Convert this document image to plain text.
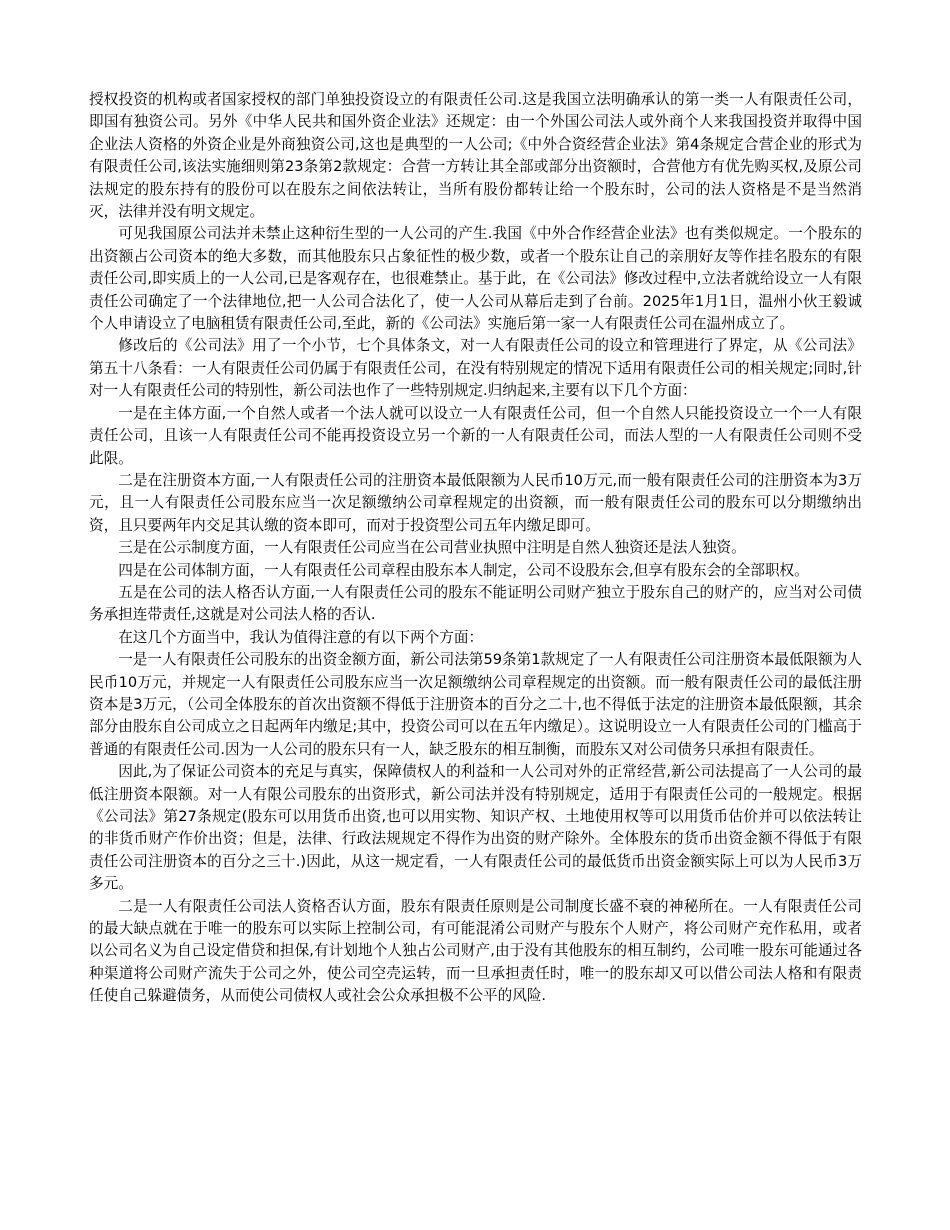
授权投资的机构或者国家授权的部门单独投资设立的有限责任公司.这是我国立法明确承认的第一类一人有限责任公司，即国有独资公司。另外《中华人民共和国外资企业法》还规定：由一个外国公司法人或外商个人来我国投资并取得中国企业法人资格的外资企业是外商独资公司,这也是典型的一人公司;《中外合资经营企业法》第4条规定合营企业的形式为有限责任公司,该法实施细则第23条第2款规定：合营一方转让其全部或部分出资额时，合营他方有优先购买权,及原公司法规定的股东持有的股份可以在股东之间依法转让，当所有股份都转让给一个股东时，公司的法人资格是不是当然消灭，法律并没有明文规定。

可见我国原公司法并未禁止这种衍生型的一人公司的产生.我国《中外合作经营企业法》也有类似规定。一个股东的出资额占公司资本的绝大多数，而其他股东只占象征性的极少数，或者一个股东让自己的亲朋好友等作挂名股东的有限责任公司,即实质上的一人公司,已是客观存在，也很难禁止。基于此，在《公司法》修改过程中,立法者就给设立一人有限责任公司确定了一个法律地位,把一人公司合法化了，使一人公司从幕后走到了台前。2025年1月1日，温州小伙王毅诚个人申请设立了电脑租赁有限责任公司,至此，新的《公司法》实施后第一家一人有限责任公司在温州成立了。

修改后的《公司法》用了一个小节，七个具体条文，对一人有限责任公司的设立和管理进行了界定，从《公司法》第五十八条看：一人有限责任公司仍属于有限责任公司，在没有特别规定的情况下适用有限责任公司的相关规定;同时,针对一人有限责任公司的特别性，新公司法也作了一些特别规定.归纳起来,主要有以下几个方面：

一是在主体方面,一个自然人或者一个法人就可以设立一人有限责任公司，但一个自然人只能投资设立一个一人有限责任公司，且该一人有限责任公司不能再投资设立另一个新的一人有限责任公司，而法人型的一人有限责任公司则不受此限。

二是在注册资本方面,一人有限责任公司的注册资本最低限额为人民币10万元,而一般有限责任公司的注册资本为3万元，且一人有限责任公司股东应当一次足额缴纳公司章程规定的出资额，而一般有限责任公司的股东可以分期缴纳出资，且只要两年内交足其认缴的资本即可，而对于投资型公司五年内缴足即可。

三是在公示制度方面，一人有限责任公司应当在公司营业执照中注明是自然人独资还是法人独资。

四是在公司体制方面，一人有限责任公司章程由股东本人制定，公司不设股东会,但享有股东会的全部职权。

五是在公司的法人格否认方面,一人有限责任公司的股东不能证明公司财产独立于股东自己的财产的，应当对公司债务承担连带责任,这就是对公司法人格的否认.

在这几个方面当中，我认为值得注意的有以下两个方面：

一是一人有限责任公司股东的出资金额方面，新公司法第59条第1款规定了一人有限责任公司注册资本最低限额为人民币10万元，并规定一人有限责任公司股东应当一次足额缴纳公司章程规定的出资额。而一般有限责任公司的最低注册资本是3万元，（公司全体股东的首次出资额不得低于注册资本的百分之二十,也不得低于法定的注册资本最低限额，其余部分由股东自公司成立之日起两年内缴足;其中，投资公司可以在五年内缴足）。这说明设立一人有限责任公司的门槛高于普通的有限责任公司.因为一人公司的股东只有一人，缺乏股东的相互制衡，而股东又对公司债务只承担有限责任。

因此,为了保证公司资本的充足与真实，保障债权人的利益和一人公司对外的正常经营,新公司法提高了一人公司的最低注册资本限额。对一人有限公司股东的出资形式，新公司法并没有特别规定，适用于有限责任公司的一般规定。根据《公司法》第27条规定(股东可以用货币出资,也可以用实物、知识产权、土地使用权等可以用货币估价并可以依法转让的非货币财产作价出资；但是，法律、行政法规规定不得作为出资的财产除外。全体股东的货币出资金额不得低于有限责任公司注册资本的百分之三十.)因此，从这一规定看，一人有限责任公司的最低货币出资金额实际上可以为人民币3万多元。

二是一人有限责任公司法人资格否认方面，股东有限责任原则是公司制度长盛不衰的神秘所在。一人有限责任公司的最大缺点就在于唯一的股东可以实际上控制公司，有可能混淆公司财产与股东个人财产，将公司财产充作私用，或者以公司名义为自己设定借贷和担保,有计划地个人独占公司财产,由于没有其他股东的相互制约，公司唯一股东可能通过各种渠道将公司财产流失于公司之外，使公司空壳运转，而一旦承担责任时，唯一的股东却又可以借公司法人格和有限责任使自己躲避债务，从而使公司债权人或社会公众承担极不公平的风险.
